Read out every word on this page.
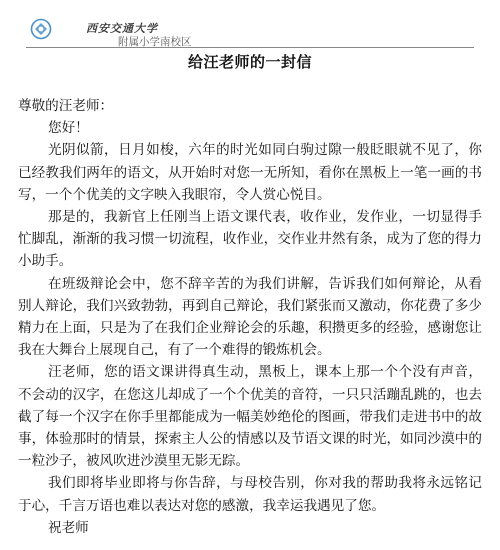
西安交通大学
附属小学南校区
给汪老师的一封信

尊敬的汪老师：

您好！

光阴似箭，日月如梭，六年的时光如同白驹过隙一般眨眼就不见了，你已经教我们两年的语文，从开始时对您一无所知，看你在黑板上一笔一画的书写，一个个优美的文字映入我眼帘，令人赏心悦目。

那是的，我新官上任刚当上语文课代表，收作业，发作业，一切显得手忙脚乱，渐渐的我习惯一切流程，收作业，交作业井然有条，成为了您的得力小助手。

在班级辩论会中，您不辞辛苦的为我们讲解，告诉我们如何辩论，从看别人辩论，我们兴致勃勃，再到自己辩论，我们紧张而又激动，你花费了多少精力在上面，只是为了在我们企业辩论会的乐趣，积攒更多的经验，感谢您让我在大舞台上展现自己，有了一个难得的锻炼机会。

汪老师，您的语文课讲得真生动，黑板上，课本上那一个个没有声音，不会动的汉字，在您这儿却成了一个个优美的音符，一只只活蹦乱跳的，也去截了每一个汉字在你手里都能成为一幅美妙绝伦的图画，带我们走进书中的故事，体验那时的情景，探索主人公的情感以及节语文课的时光，如同沙漠中的一粒沙子，被风吹进沙漠里无影无踪。

我们即将毕业即将与你告辞，与母校告别，你对我的帮助我将永远铭记于心，千言万语也难以表达对您的感激，我幸运我遇见了您。

祝老师
